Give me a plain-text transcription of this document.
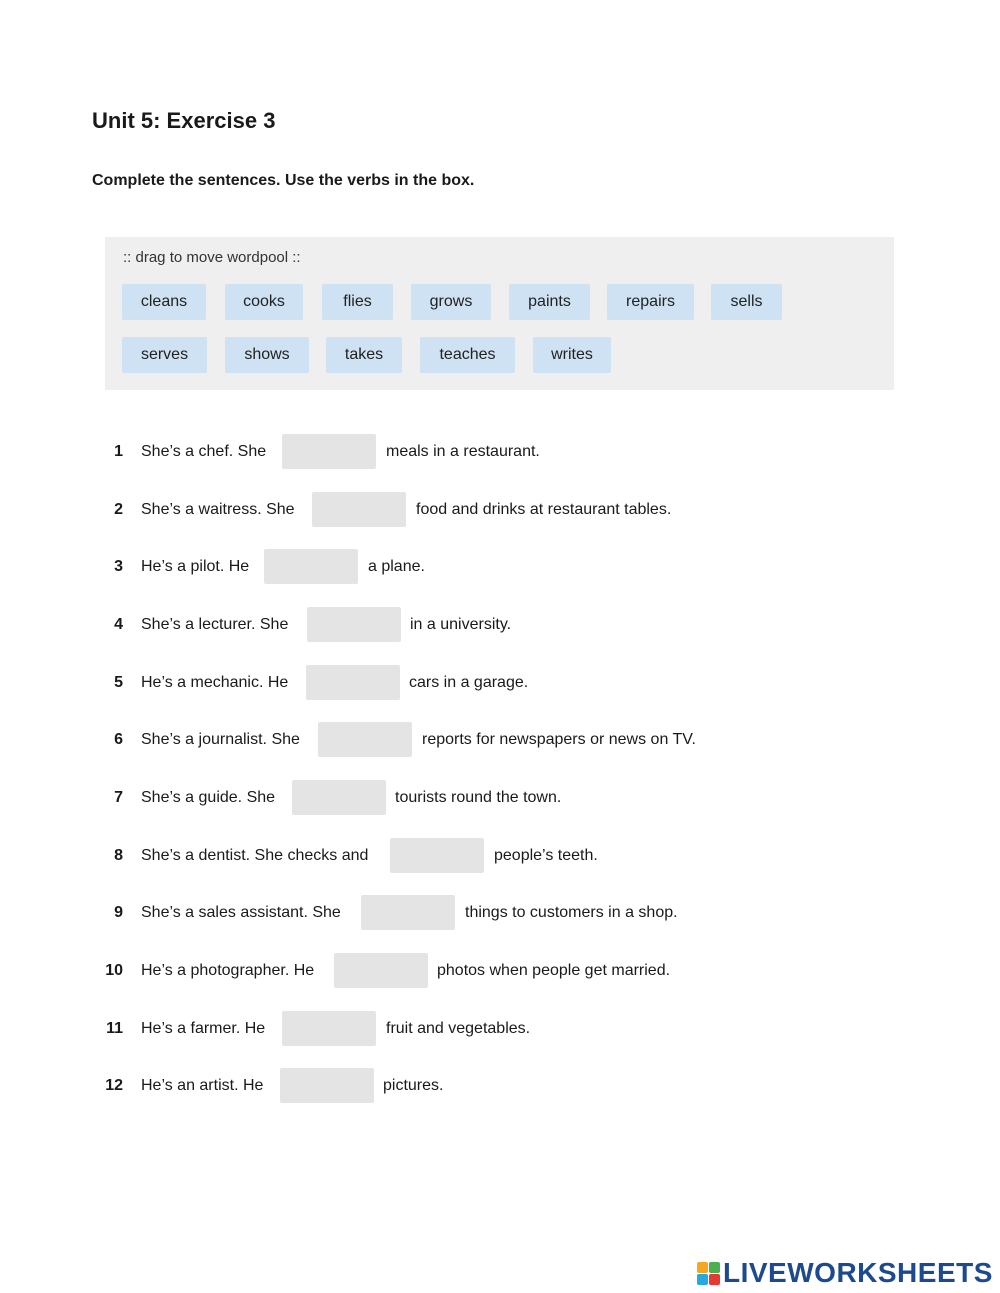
Unit 5: Exercise 3

Complete the sentences. Use the verbs in the box.

:: drag to move wordpool ::
cleans	cooks	flies	grows	paints	repairs	sells
serves	shows	takes	teaches	writes
1 She’s a chef. She	meals in a restaurant.
2 She’s a waitress. She	food and drinks at restaurant tables.
3 He’s a pilot. He	a plane.
4 She’s a lecturer. She	in a university.
5 He’s a mechanic. He	cars in a garage.
6 She’s a journalist. She	reports for newspapers or news on TV.
7 She’s a guide. She	tourists round the town.
8 She’s a dentist. She checks and	people’s teeth.
9 She’s a sales assistant. She	things to customers in a shop.
10 He’s a photographer. He	photos when people get married.
11 He’s a farmer. He	fruit and vegetables.
12 He’s an artist. He	pictures.
LIVEWORKSHEETS
